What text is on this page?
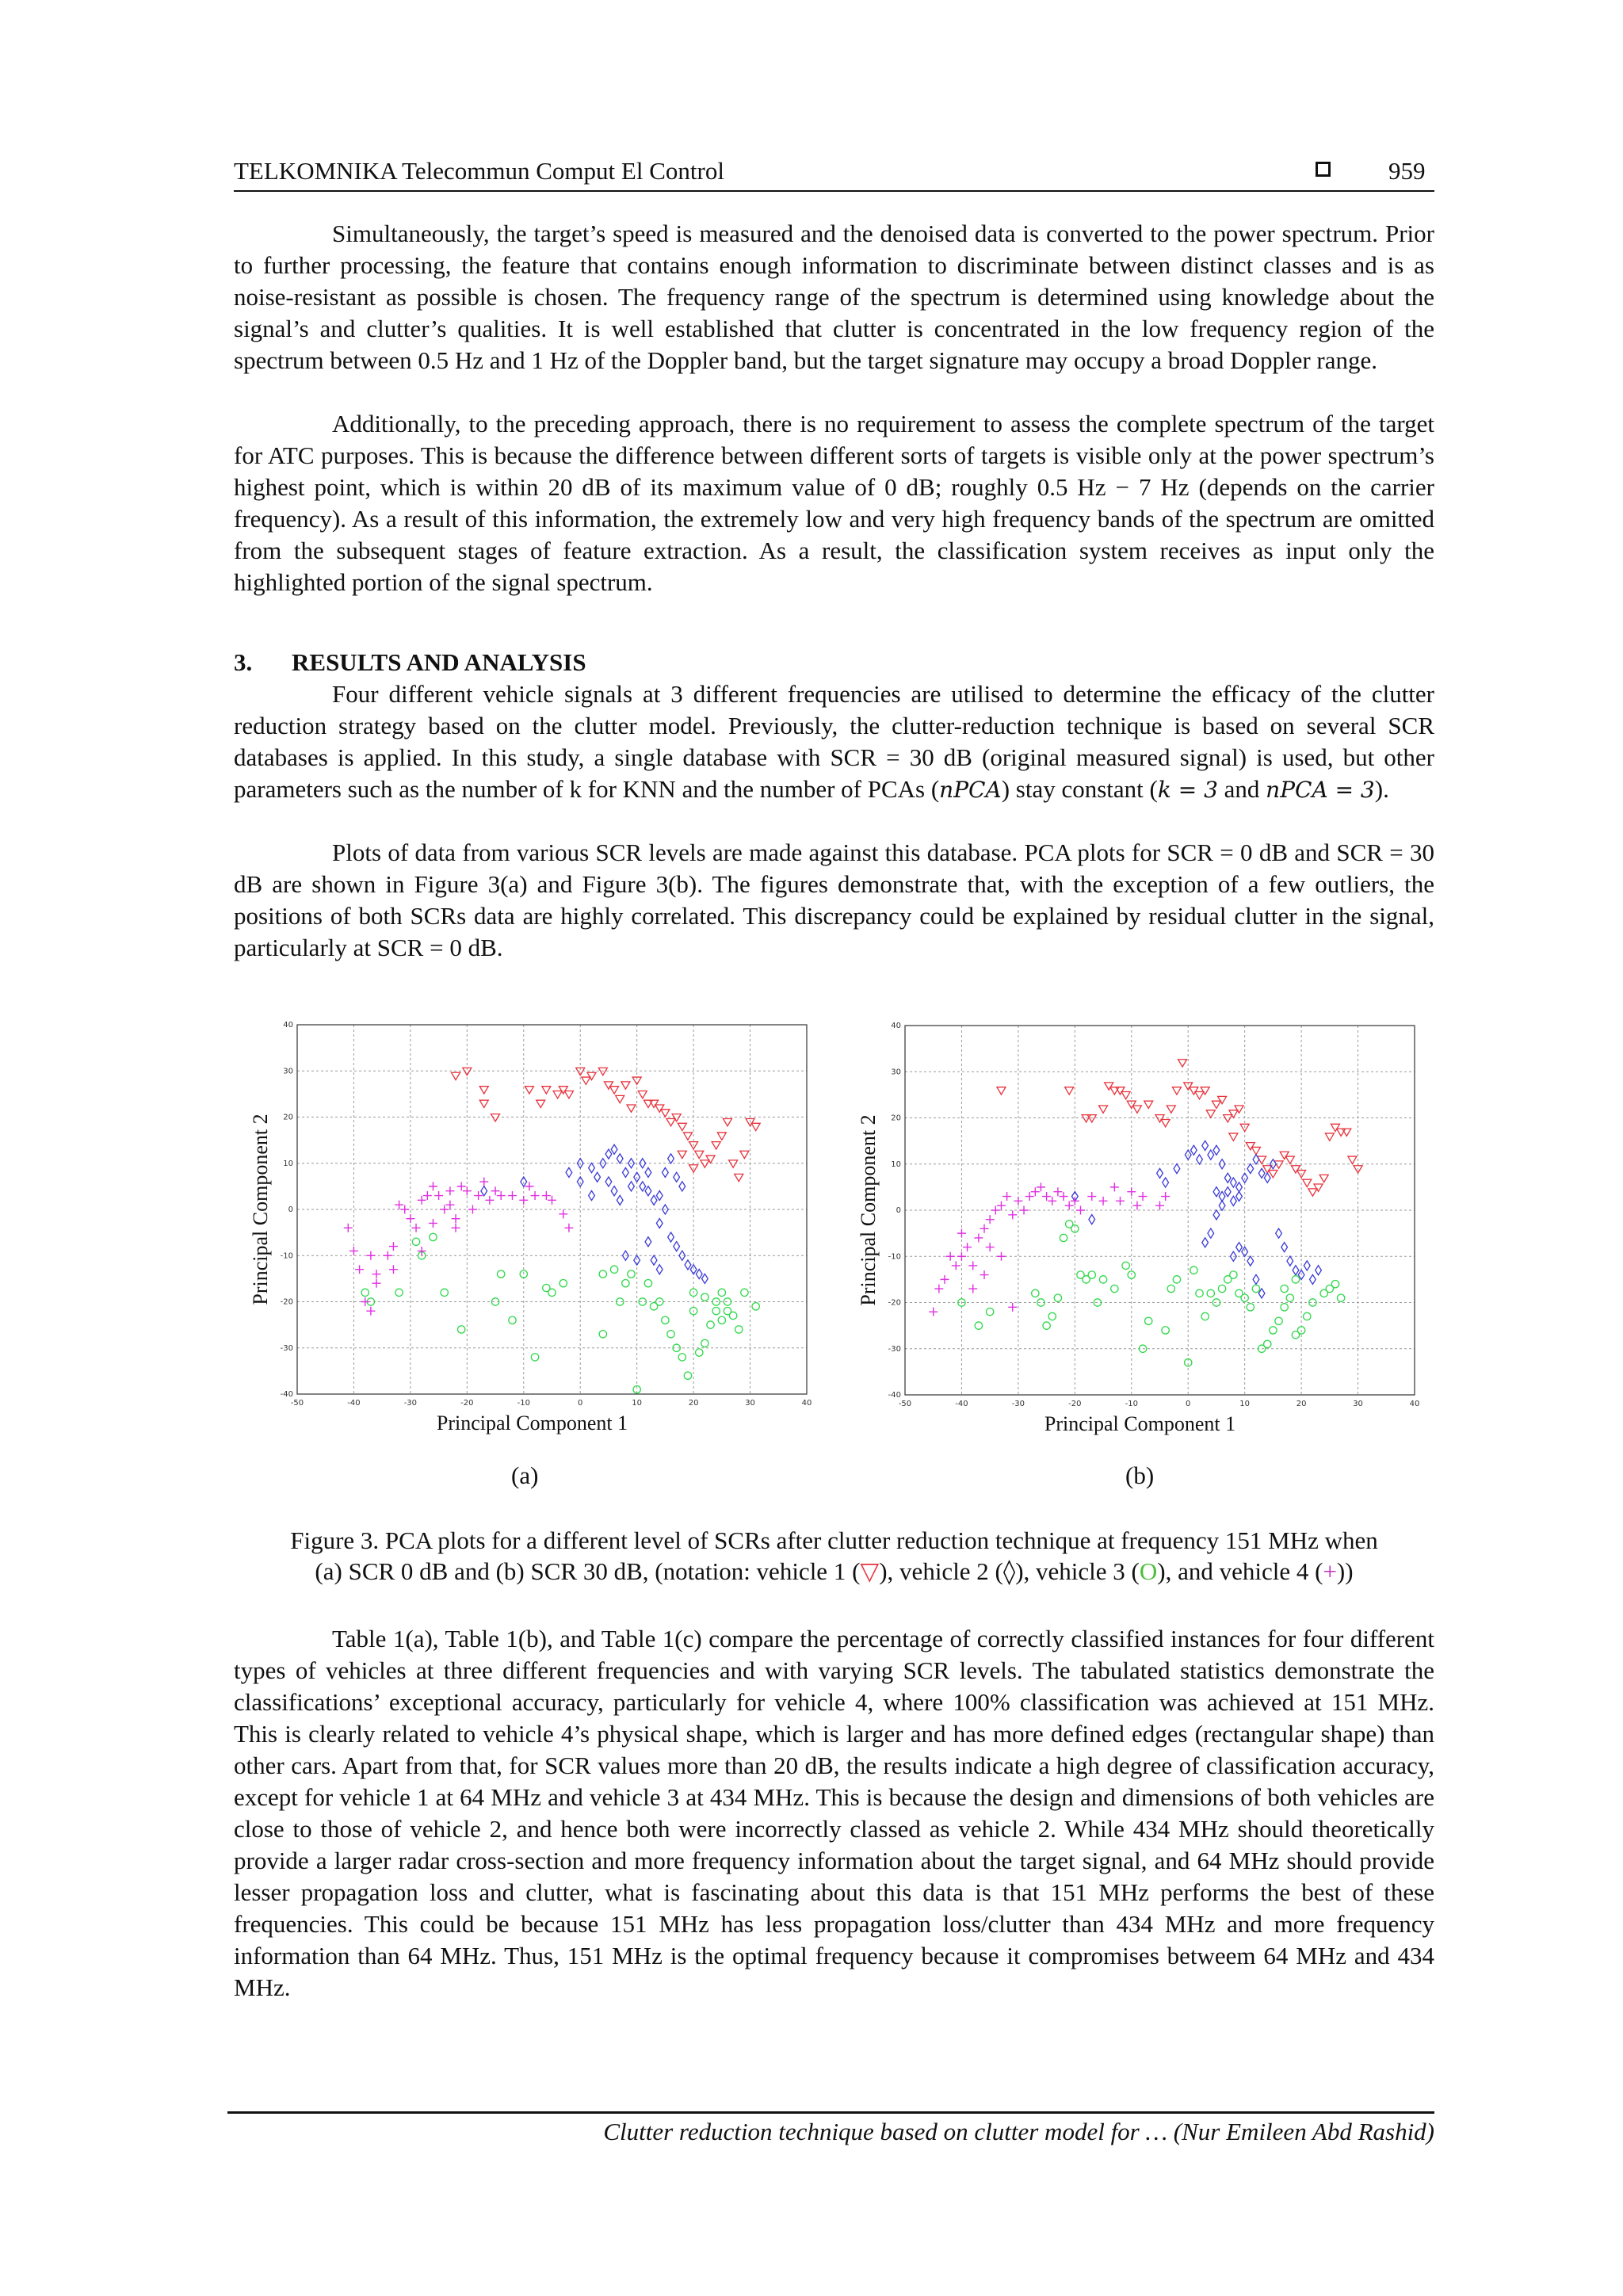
TELKOMNIKA Telecommun Comput El Control	959

Simultaneously, the target’s speed is measured and the denoised data is converted to the power spectrum. Prior to further processing, the feature that contains enough information to discriminate between distinct classes and is as noise-resistant as possible is chosen. The frequency range of the spectrum is determined using knowledge about the signal’s and clutter’s qualities. It is well established that clutter is concentrated in the low frequency region of the spectrum between 0.5 Hz and 1 Hz of the Doppler band, but the target signature may occupy a broad Doppler range.

Additionally, to the preceding approach, there is no requirement to assess the complete spectrum of the target for ATC purposes. This is because the difference between different sorts of targets is visible only at the power spectrum’s highest point, which is within 20 dB of its maximum value of 0 dB; roughly 0.5 Hz − 7 Hz (depends on the carrier frequency). As a result of this information, the extremely low and very high frequency bands of the spectrum are omitted from the subsequent stages of feature extraction. As a result, the classification system receives as input only the highlighted portion of the signal spectrum.

3. RESULTS AND ANALYSIS

Four different vehicle signals at 3 different frequencies are utilised to determine the efficacy of the clutter reduction strategy based on the clutter model. Previously, the clutter-reduction technique is based on several SCR databases is applied. In this study, a single database with SCR = 30 dB (original measured signal) is used, but other parameters such as the number of k for KNN and the number of PCAs (nPCA) stay constant (k = 3 and nPCA = 3).

Plots of data from various SCR levels are made against this database. PCA plots for SCR = 0 dB and SCR = 30 dB are shown in Figure 3(a) and Figure 3(b). The figures demonstrate that, with the exception of a few outliers, the positions of both SCRs data are highly correlated. This discrepancy could be explained by residual clutter in the signal, particularly at SCR = 0 dB.

-50	-40	-30	-20	-10	0	10	20	30	40
40
30
20
10
0
-10
-20
-30
-40
Principal Component 1
Principal Component 2
-50	-40	-30	-20	-10	0	10	20	30	40
40
30
20
10
0
-10
-20
-30
-40
Principal Component 1
Principal Component 2
(a)	(b)
Figure 3. PCA plots for a different level of SCRs after clutter reduction technique at frequency 151 MHz when
(a) SCR 0 dB and (b) SCR 30 dB, (notation: vehicle 1 (▽), vehicle 2 (◊), vehicle 3 (O), and vehicle 4 (+))

Table 1(a), Table 1(b), and Table 1(c) compare the percentage of correctly classified instances for four different types of vehicles at three different frequencies and with varying SCR levels. The tabulated statistics demonstrate the classifications’ exceptional accuracy, particularly for vehicle 4, where 100% classification was achieved at 151 MHz. This is clearly related to vehicle 4’s physical shape, which is larger and has more defined edges (rectangular shape) than other cars. Apart from that, for SCR values more than 20 dB, the results indicate a high degree of classification accuracy, except for vehicle 1 at 64 MHz and vehicle 3 at 434 MHz. This is because the design and dimensions of both vehicles are close to those of vehicle 2, and hence both were incorrectly classed as vehicle 2. While 434 MHz should theoretically provide a larger radar cross-section and more frequency information about the target signal, and 64 MHz should provide lesser propagation loss and clutter, what is fascinating about this data is that 151 MHz performs the best of these frequencies. This could be because 151 MHz has less propagation loss/clutter than 434 MHz and more frequency information than 64 MHz. Thus, 151 MHz is the optimal frequency because it compromises betweem 64 MHz and 434 MHz.

Clutter reduction technique based on clutter model for … (Nur Emileen Abd Rashid)
